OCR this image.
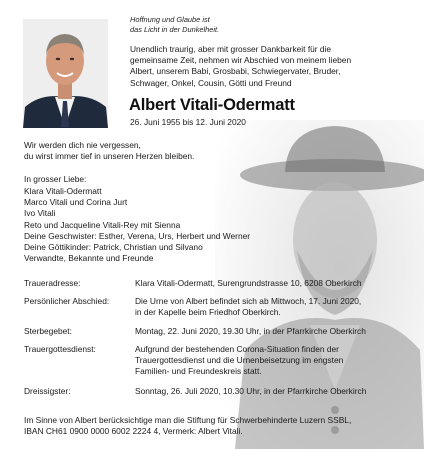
Hoffnung und Glaube ist
das Licht in der Dunkelheit.
Unendlich traurig, aber mit grosser Dankbarkeit für die
gemeinsame Zeit, nehmen wir Abschied von meinem lieben
Albert, unserem Babi, Grosbabi, Schwiegervater, Bruder,
Schwager, Onkel, Cousin, Götti und Freund
Albert Vitali-Odermatt
26. Juni 1955 bis 12. Juni 2020
Wir werden dich nie vergessen,
du wirst immer tief in unseren Herzen bleiben.
In grosser Liebe:
Klara Vitali-Odermatt
Marco Vitali und Corina Jurt
Ivo Vitali
Reto und Jacqueline Vitali-Rey mit Sienna
Deine Geschwister: Esther, Verena, Urs, Herbert und Werner
Deine Göttikinder: Patrick, Christian und Silvano
Verwandte, Bekannte und Freunde
Traueradresse:	Klara Vitali-Odermatt, Surengrundstrasse 10, 6208 Oberkirch
Persönlicher Abschied:	Die Urne von Albert befindet sich ab Mittwoch, 17. Juni 2020,
in der Kapelle beim Friedhof Oberkirch.
Sterbegebet:	Montag, 22. Juni 2020, 19.30 Uhr, in der Pfarrkirche Oberkirch
Trauergottesdienst:	Aufgrund der bestehenden Corona-Situation finden der
Trauergottesdienst und die Urnenbeisetzung im engsten
Familien- und Freundeskreis statt.
Dreissigster:	Sonntag, 26. Juli 2020, 10.30 Uhr, in der Pfarrkirche Oberkirch
Im Sinne von Albert berücksichtige man die Stiftung für Schwerbehinderte Luzern SSBL,
IBAN CH61 0900 0000 6002 2224 4, Vermerk: Albert Vitali.
